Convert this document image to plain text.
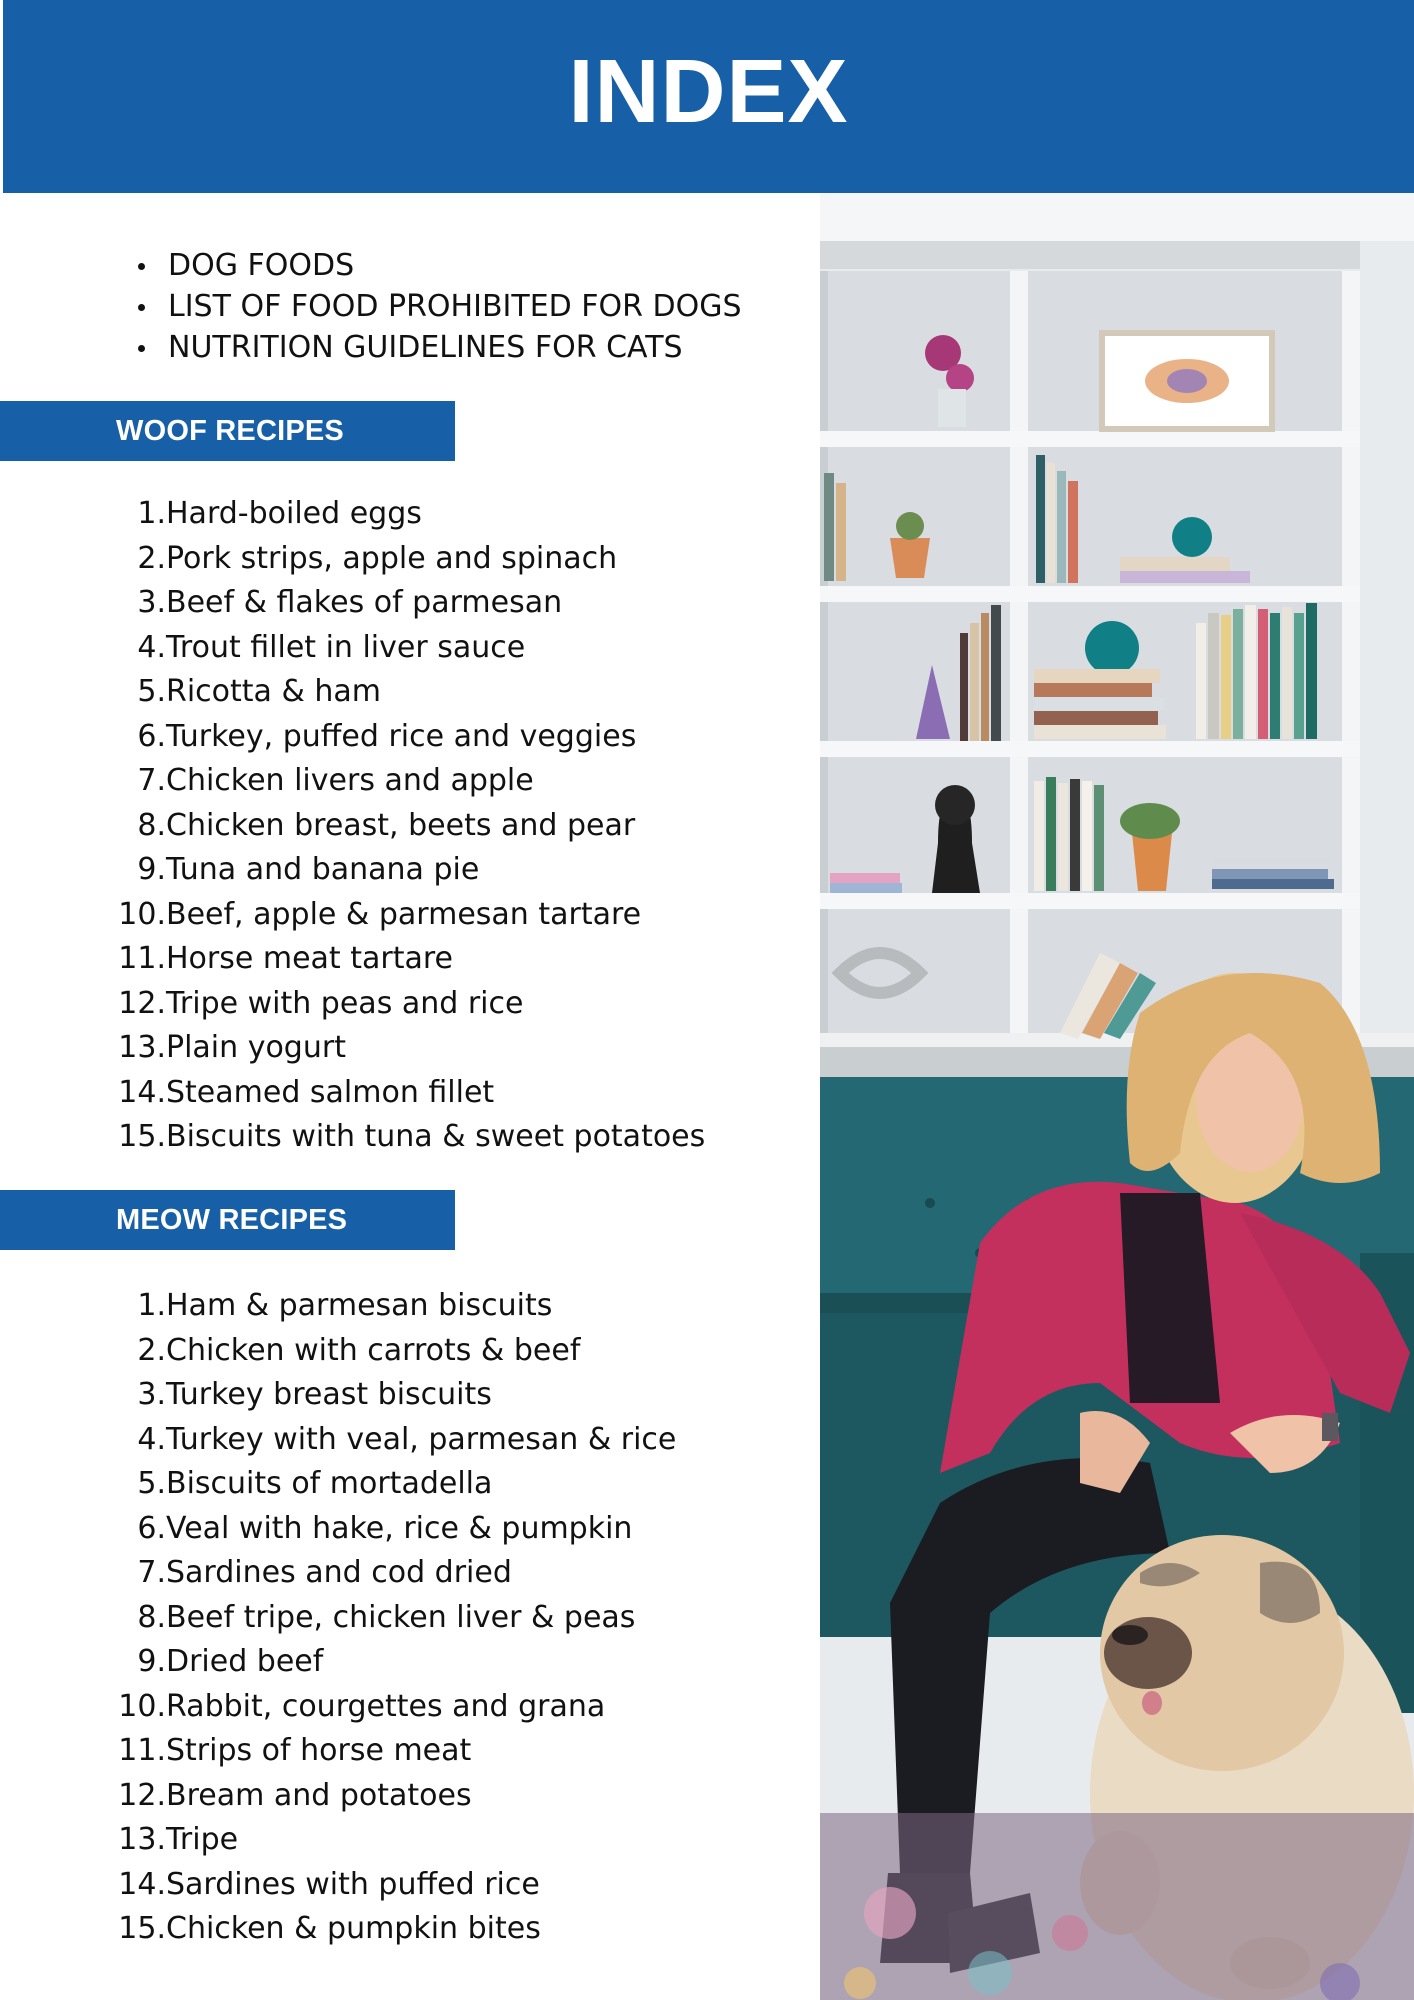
INDEX
DOG FOODS
LIST OF FOOD PROHIBITED FOR DOGS
NUTRITION GUIDELINES FOR CATS
WOOF RECIPES
1. Hard-boiled eggs
2. Pork strips, apple and spinach
3. Beef & flakes of parmesan
4. Trout fillet in liver sauce
5. Ricotta & ham
6. Turkey, puffed rice and veggies
7. Chicken livers and apple
8. Chicken breast, beets and pear
9. Tuna and banana pie
10. Beef, apple & parmesan tartare
11. Horse meat tartare
12. Tripe with peas and rice
13. Plain yogurt
14. Steamed salmon fillet
15. Biscuits with tuna & sweet potatoes
MEOW RECIPES
1. Ham & parmesan biscuits
2. Chicken with carrots & beef
3. Turkey breast biscuits
4. Turkey with veal, parmesan & rice
5. Biscuits of mortadella
6. Veal with hake, rice & pumpkin
7. Sardines and cod dried
8. Beef tripe, chicken liver & peas
9. Dried beef
10. Rabbit, courgettes and grana
11. Strips of horse meat
12. Bream and potatoes
13. Tripe
14. Sardines with puffed rice
15. Chicken & pumpkin bites
